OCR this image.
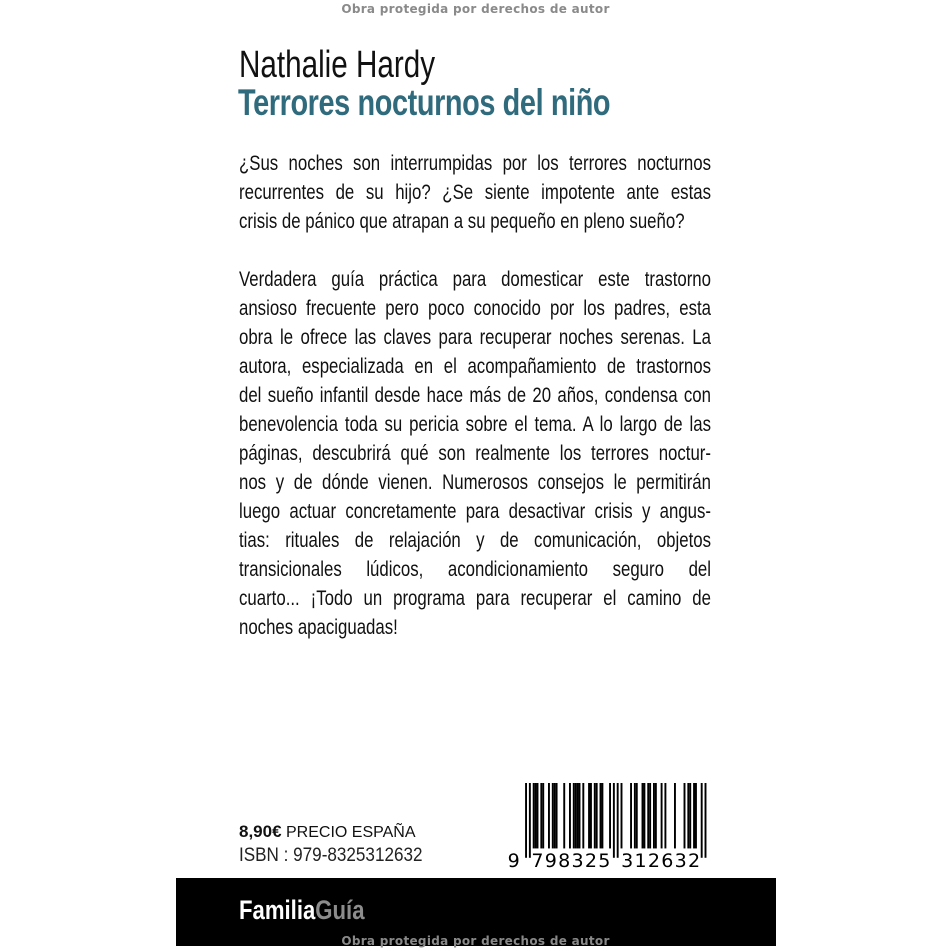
Obra protegida por derechos de autor
Nathalie Hardy
Terrores nocturnos del niño
¿Sus noches son interrumpidas por los terrores nocturnos
recurrentes de su hijo? ¿Se siente impotente ante estas
crisis de pánico que atrapan a su pequeño en pleno sueño?
Verdadera guía práctica para domesticar este trastorno
ansioso frecuente pero poco conocido por los padres, esta
obra le ofrece las claves para recuperar noches serenas. La
autora, especializada en el acompañamiento de trastornos
del sueño infantil desde hace más de 20 años, condensa con
benevolencia toda su pericia sobre el tema. A lo largo de las
páginas, descubrirá qué son realmente los terrores noctur-
nos y de dónde vienen. Numerosos consejos le permitirán
luego actuar concretamente para desactivar crisis y angus-
tias: rituales de relajación y de comunicación, objetos
transicionales lúdicos, acondicionamiento seguro del
cuarto... ¡Todo un programa para recuperar el camino de
noches apaciguadas!
8,90€ PRECIO ESPAÑA
ISBN : 979-8325312632	9 7 9 8 3 2 5 3 1 2 6 3 2
FamiliaGuía
Obra protegida por derechos de autor
